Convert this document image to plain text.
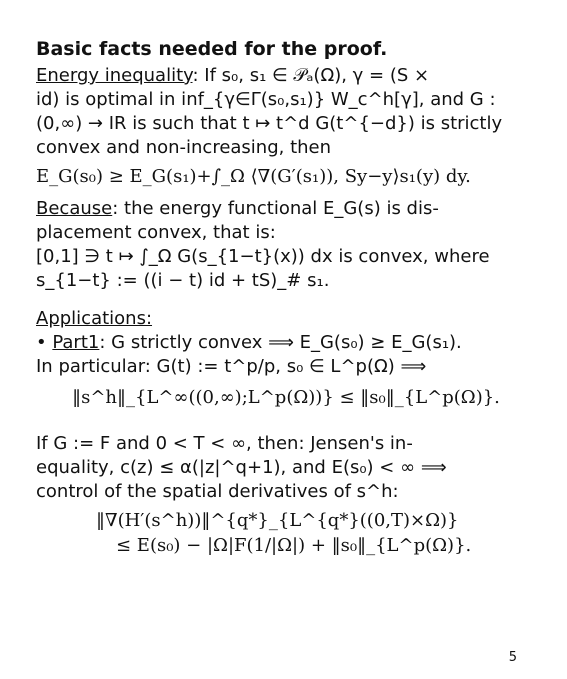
Basic facts needed for the proof.
Energy inequality: If s₀, s₁ ∈ 𝒫ₐ(Ω), γ = (S ×
id) is optimal in inf_{γ∈Γ(s₀,s₁)} W_c^h[γ], and G :
(0,∞) → IR is such that t ↦ t^d G(t^{−d}) is strictly
convex and non-increasing, then
E_G(s₀) ≥ E_G(s₁)+∫_Ω ⟨∇(G′(s₁)), Sy−y⟩s₁(y) dy.
Because: the energy functional E_G(s) is dis-
placement convex, that is:
[0,1] ∋ t ↦ ∫_Ω G(s_{1−t}(x)) dx is convex, where
s_{1−t} := ((i − t) id + tS)_# s₁.
Applications:
• Part1: G strictly convex ⟹ E_G(s₀) ≥ E_G(s₁).
In particular: G(t) := t^p/p, s₀ ∈ L^p(Ω) ⟹
‖s^h‖_{L^∞((0,∞);L^p(Ω))} ≤ ‖s₀‖_{L^p(Ω)}.
If G := F and 0 < T < ∞, then: Jensen's in-
equality, c(z) ≤ α(|z|^q+1), and E(s₀) < ∞ ⟹
control of the spatial derivatives of s^h:
‖∇(H′(s^h))‖^{q*}_{L^{q*}((0,T)×Ω)}
≤ E(s₀) − |Ω|F(1/|Ω|) + ‖s₀‖_{L^p(Ω)}.
5
